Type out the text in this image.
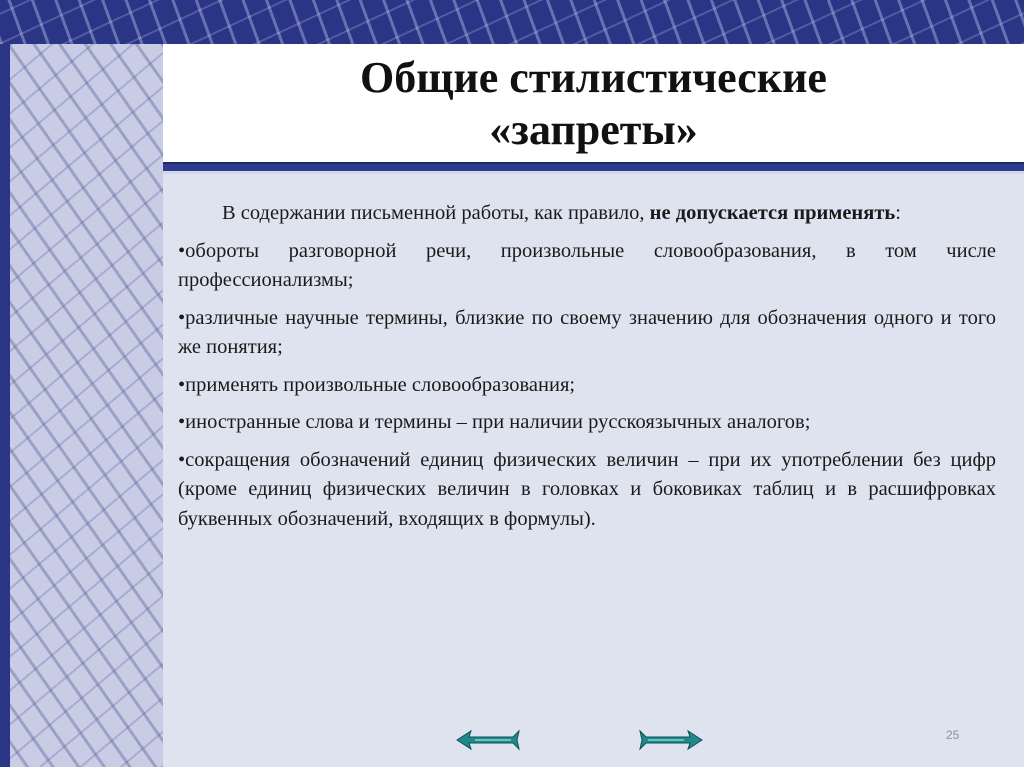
Общие стилистические
«запреты»

В содержании письменной работы, как правило, не допускается применять:

•обороты разговорной речи, произвольные словообразования, в том числе профессионализмы;

•различные научные термины, близкие по своему значению для обозначения одного и того же понятия;

•применять произвольные словообразования;

•иностранные слова и термины – при наличии русскоязычных аналогов;

•сокращения обозначений единиц физических величин – при их употреблении без цифр (кроме единиц физических величин в головках и боковиках таблиц и в расшифровках буквенных обозначений, входящих в формулы).

25
